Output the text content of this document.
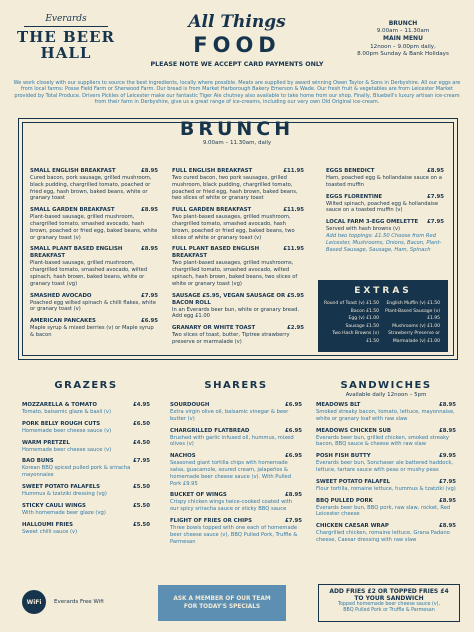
Everards
THE BEER HALL
All Things
FOOD
PLEASE NOTE WE ACCEPT CARD PAYMENTS ONLY
BRUNCH
9.00am – 11.30am
MAIN MENU
12noon – 9.00pm daily,
8.00pm Sunday & Bank Holidays
We work closely with our suppliers to source the best ingredients, locally where possible. Meats are supplied by award winning Owen Taylor & Sons in Derbyshire. All our eggs are from local farms: Posse Field Farm or Sherwood Farm. Our bread is from Market Harborough Bakery Emerson & Wade. Our fresh fruit & vegetables are from Leicester Market provided by Total Produce. Drivers Pickles of Leicester make our fantastic Tiger Ale chutney also available to take home from our shop. Finally, Bluebell's luxury artisan ice-cream from their farm in Derbyshire, give us a great range of ice-creams, including our very own Old Original ice-cream.
BRUNCH
9.00am – 11.30am, daily
SMALL ENGLISH BREAKFAST	£8.95
Cured bacon, pork sausage, grilled mushroom, black pudding, chargrilled tomato, poached or fried egg, hash brown, baked beans, white or granary toast
SMALL GARDEN BREAKFAST	£8.95
Plant-based sausage, grilled mushroom, chargrilled tomato, smashed avocado, hash brown, poached or fried egg, baked beans, white or granary toast (v)
SMALL PLANT BASED ENGLISH BREAKFAST
£8.95
Plant-based sausage, grilled mushroom, chargrilled tomato, smashed avocado, wilted spinach, hash brown, baked beans, white or granary toast (vg)
SMASHED AVOCADO	£7.95
Poached egg wilted spinach & chilli flakes, white or granary toast (v)
AMERICAN PANCAKES	£6.95
Maple syrup & mixed berries (v) or Maple syrup & bacon
FULL ENGLISH BREAKFAST	£11.95
Two cured bacon, two pork sausages, grilled mushroom, black pudding, chargrilled tomato, poached or fried egg, hash brown, baked beans, two slices of white or granary toast
FULL GARDEN BREAKFAST	£11.95
Two plant-based sausages, grilled mushroom, chargrilled tomato, smashed avocado, hash brown, poached or fried egg, baked beans, two slices of white or granary toast (v)
FULL PLANT BASED ENGLISH BREAKFAST
£11.95
Two plant-based sausages, grilled mushrooms, chargrilled tomato, smashed avocado, wilted spinach, hash brown, baked beans, two slices of white or granary toast (vg)
SAUSAGE £5.95, VEGAN SAUSAGE OR BACON ROLL
£5.95
In an Everards beer bun, white or granary bread. Add egg £1.00
GRANARY OR WHITE TOAST	£2.95
Two slices of toast, butter, Tiptree strawberry preserve or marmalade (v)
EGGS BENEDICT	£8.95
Ham, poached egg & hollandaise sauce on a toasted muffin
EGGS FLORENTINE	£7.95
Wilted spinach, poached egg & hollandaise sauce on a toasted muffin (v)
LOCAL FARM 3-EGG OMELETTE £7.95
Served with hash browns (v)
Add two toppings: £1.50 Choose from Red Leicester, Mushrooms, Onions, Bacon, Plant-Based Sausage, Sausage, Ham, Spinach
EXTRAS
Round of Toast (v) £1.50
Bacon £1.50
Egg (v) £1.00
Sausage £1.50
Two Hash Browns (v) £1.50
English Muffin (v) £1.50
Plant-Based Sausage (v) £1.95
Mushrooms (v) £1.00
Strawberry Preserve or Marmalade (v) £1.00
GRAZERS	SHARERS	SANDWICHES
Available daily 12noon – 5pm
MOZZARELLA & TOMATO	£4.95
Tomato, balsamic glaze & basil (v)
PORK BELLY ROUGH CUTS	£6.50
Homemade beer cheese sauce (v)
WARM PRETZEL	£4.50
Homemade beer cheese sauce (v)
BAO BUNS	£7.95
Korean BBQ spiced pulled pork & sriracha mayonnaise
SWEET POTATO FALAFELS	£5.50
Hummus & tzatziki dressing (vg)
STICKY CAULI WINGS	£5.50
With homemade beer glaze (vg)
HALLOUMI FRIES	£5.50
Sweet chilli sauce (v)
SOURDOUGH	£6.95
Extra virgin olive oil, balsamic vinegar & beer butter (v)
CHARGRILLED FLATBREAD	£6.95
Brushed with garlic infused oil, hummus, mixed olives (v)
NACHOS	£6.95
Seasoned giant tortilla chips with homemade salsa, guacamole, soured cream, jalapeños & homemade beer cheese sauce (v). With Pulled Pork £9.95
BUCKET OF WINGS	£8.95
Crispy chicken wings twice-cooked coated with our spicy sriracha sauce or sticky BBQ sauce
FLIGHT OF FRIES OR CHIPS	£7.95
Three bowls topped with one each of homemade beer cheese sauce (v), BBQ Pulled Pork, Truffle & Parmesan
MEADOWS BLT	£8.95
Smoked streaky bacon, tomato, lettuce, mayonnaise, white or granary loaf with raw slaw
MEADOWS CHICKEN SUB	£8.95
Everards beer bun, grilled chicken, smoked streaky bacon, BBQ sauce & cheese with raw slaw
POSH FISH BUTTY	£9.95
Everards beer bun, Sonchaser ale battered haddock, lettuce, tartare sauce with peas or mushy peas
SWEET POTATO FALAFEL	£7.95
Flour tortilla, romaine lettuce, hummus & tzatziki (vg)
BBQ PULLED PORK	£8.95
Everards beer bun, BBQ pork, raw slaw, rocket, Red Leicester cheese
CHICKEN CAESAR WRAP	£8.95
Chargrilled chicken, romaine lettuce, Grana Padano cheese, Caesar dressing with raw slaw
WiFi	Everards Free Wifi	ASK A MEMBER OF OUR TEAM
FOR TODAY'S SPECIALS
ADD FRIES £2 OR TOPPED FRIES £4
TO YOUR SANDWICH
Topped homemade beer cheese sauce (v),
BBQ Pulled Pork or Truffle & Parmesan
